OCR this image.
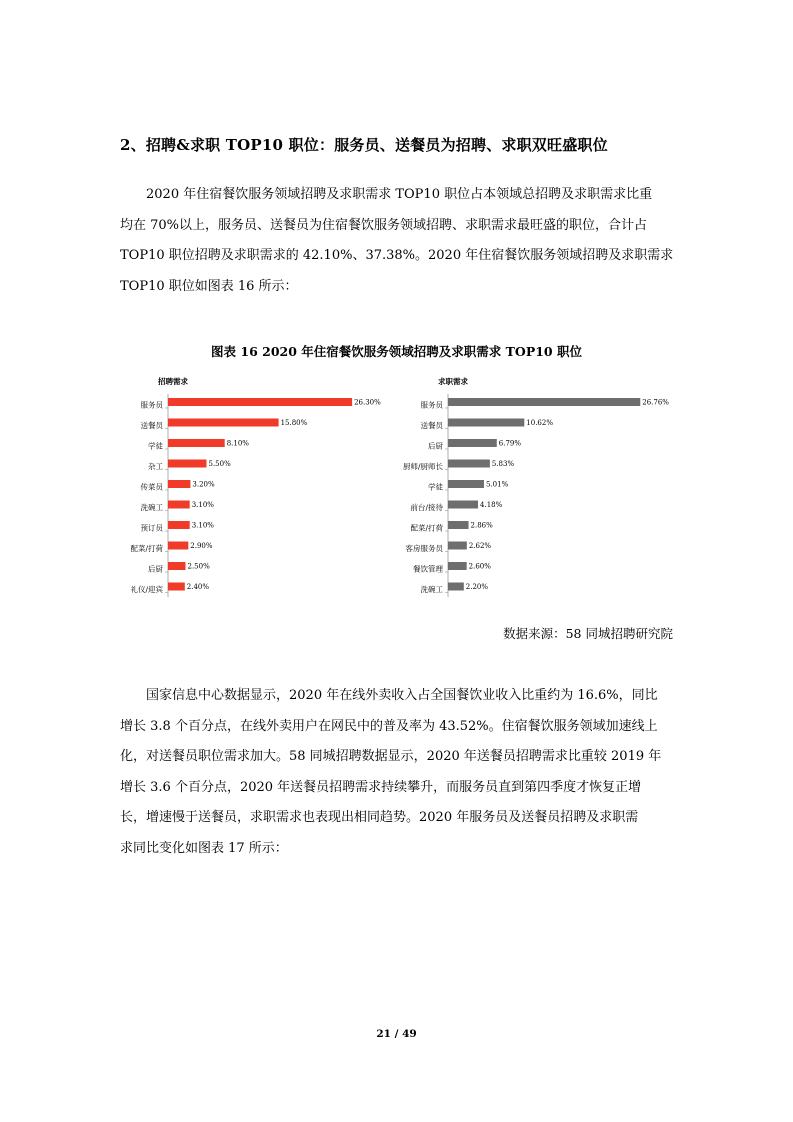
2、招聘&求职 TOP10 职位：服务员、送餐员为招聘、求职双旺盛职位
2020 年住宿餐饮服务领域招聘及求职需求 TOP10 职位占本领域总招聘及求职需求比重
均在 70%以上，服务员、送餐员为住宿餐饮服务领域招聘、求职需求最旺盛的职位，合计占
TOP10 职位招聘及求职需求的 42.10%、37.38%。2020 年住宿餐饮服务领域招聘及求职需求
TOP10 职位如图表 16 所示：
图表 16 2020 年住宿餐饮服务领域招聘及求职需求 TOP10 职位
招聘需求
服务员	26.30%
送餐员	15.80%
学徒	8.10%
杂工	5.50%
传菜员	3.20%
洗碗工	3.10%
预订员	3.10%
配菜/打荷	2.90%
后厨	2.50%
礼仪/迎宾	2.40%
求职需求
服务员	26.76%
送餐员	10.62%
后厨	6.79%
厨师/厨师长	5.83%
学徒	5.01%
前台/接待	4.18%
配菜/打荷	2.86%
客房服务员	2.62%
餐饮管理	2.60%
洗碗工	2.20%
数据来源：58 同城招聘研究院
国家信息中心数据显示，2020 年在线外卖收入占全国餐饮业收入比重约为 16.6%，同比
增长 3.8 个百分点，在线外卖用户在网民中的普及率为 43.52%。住宿餐饮服务领域加速线上
化，对送餐员职位需求加大。58 同城招聘数据显示，2020 年送餐员招聘需求比重较 2019 年
增长 3.6 个百分点，2020 年送餐员招聘需求持续攀升，而服务员直到第四季度才恢复正增
长，增速慢于送餐员，求职需求也表现出相同趋势。2020 年服务员及送餐员招聘及求职需
求同比变化如图表 17 所示：
21 / 49
